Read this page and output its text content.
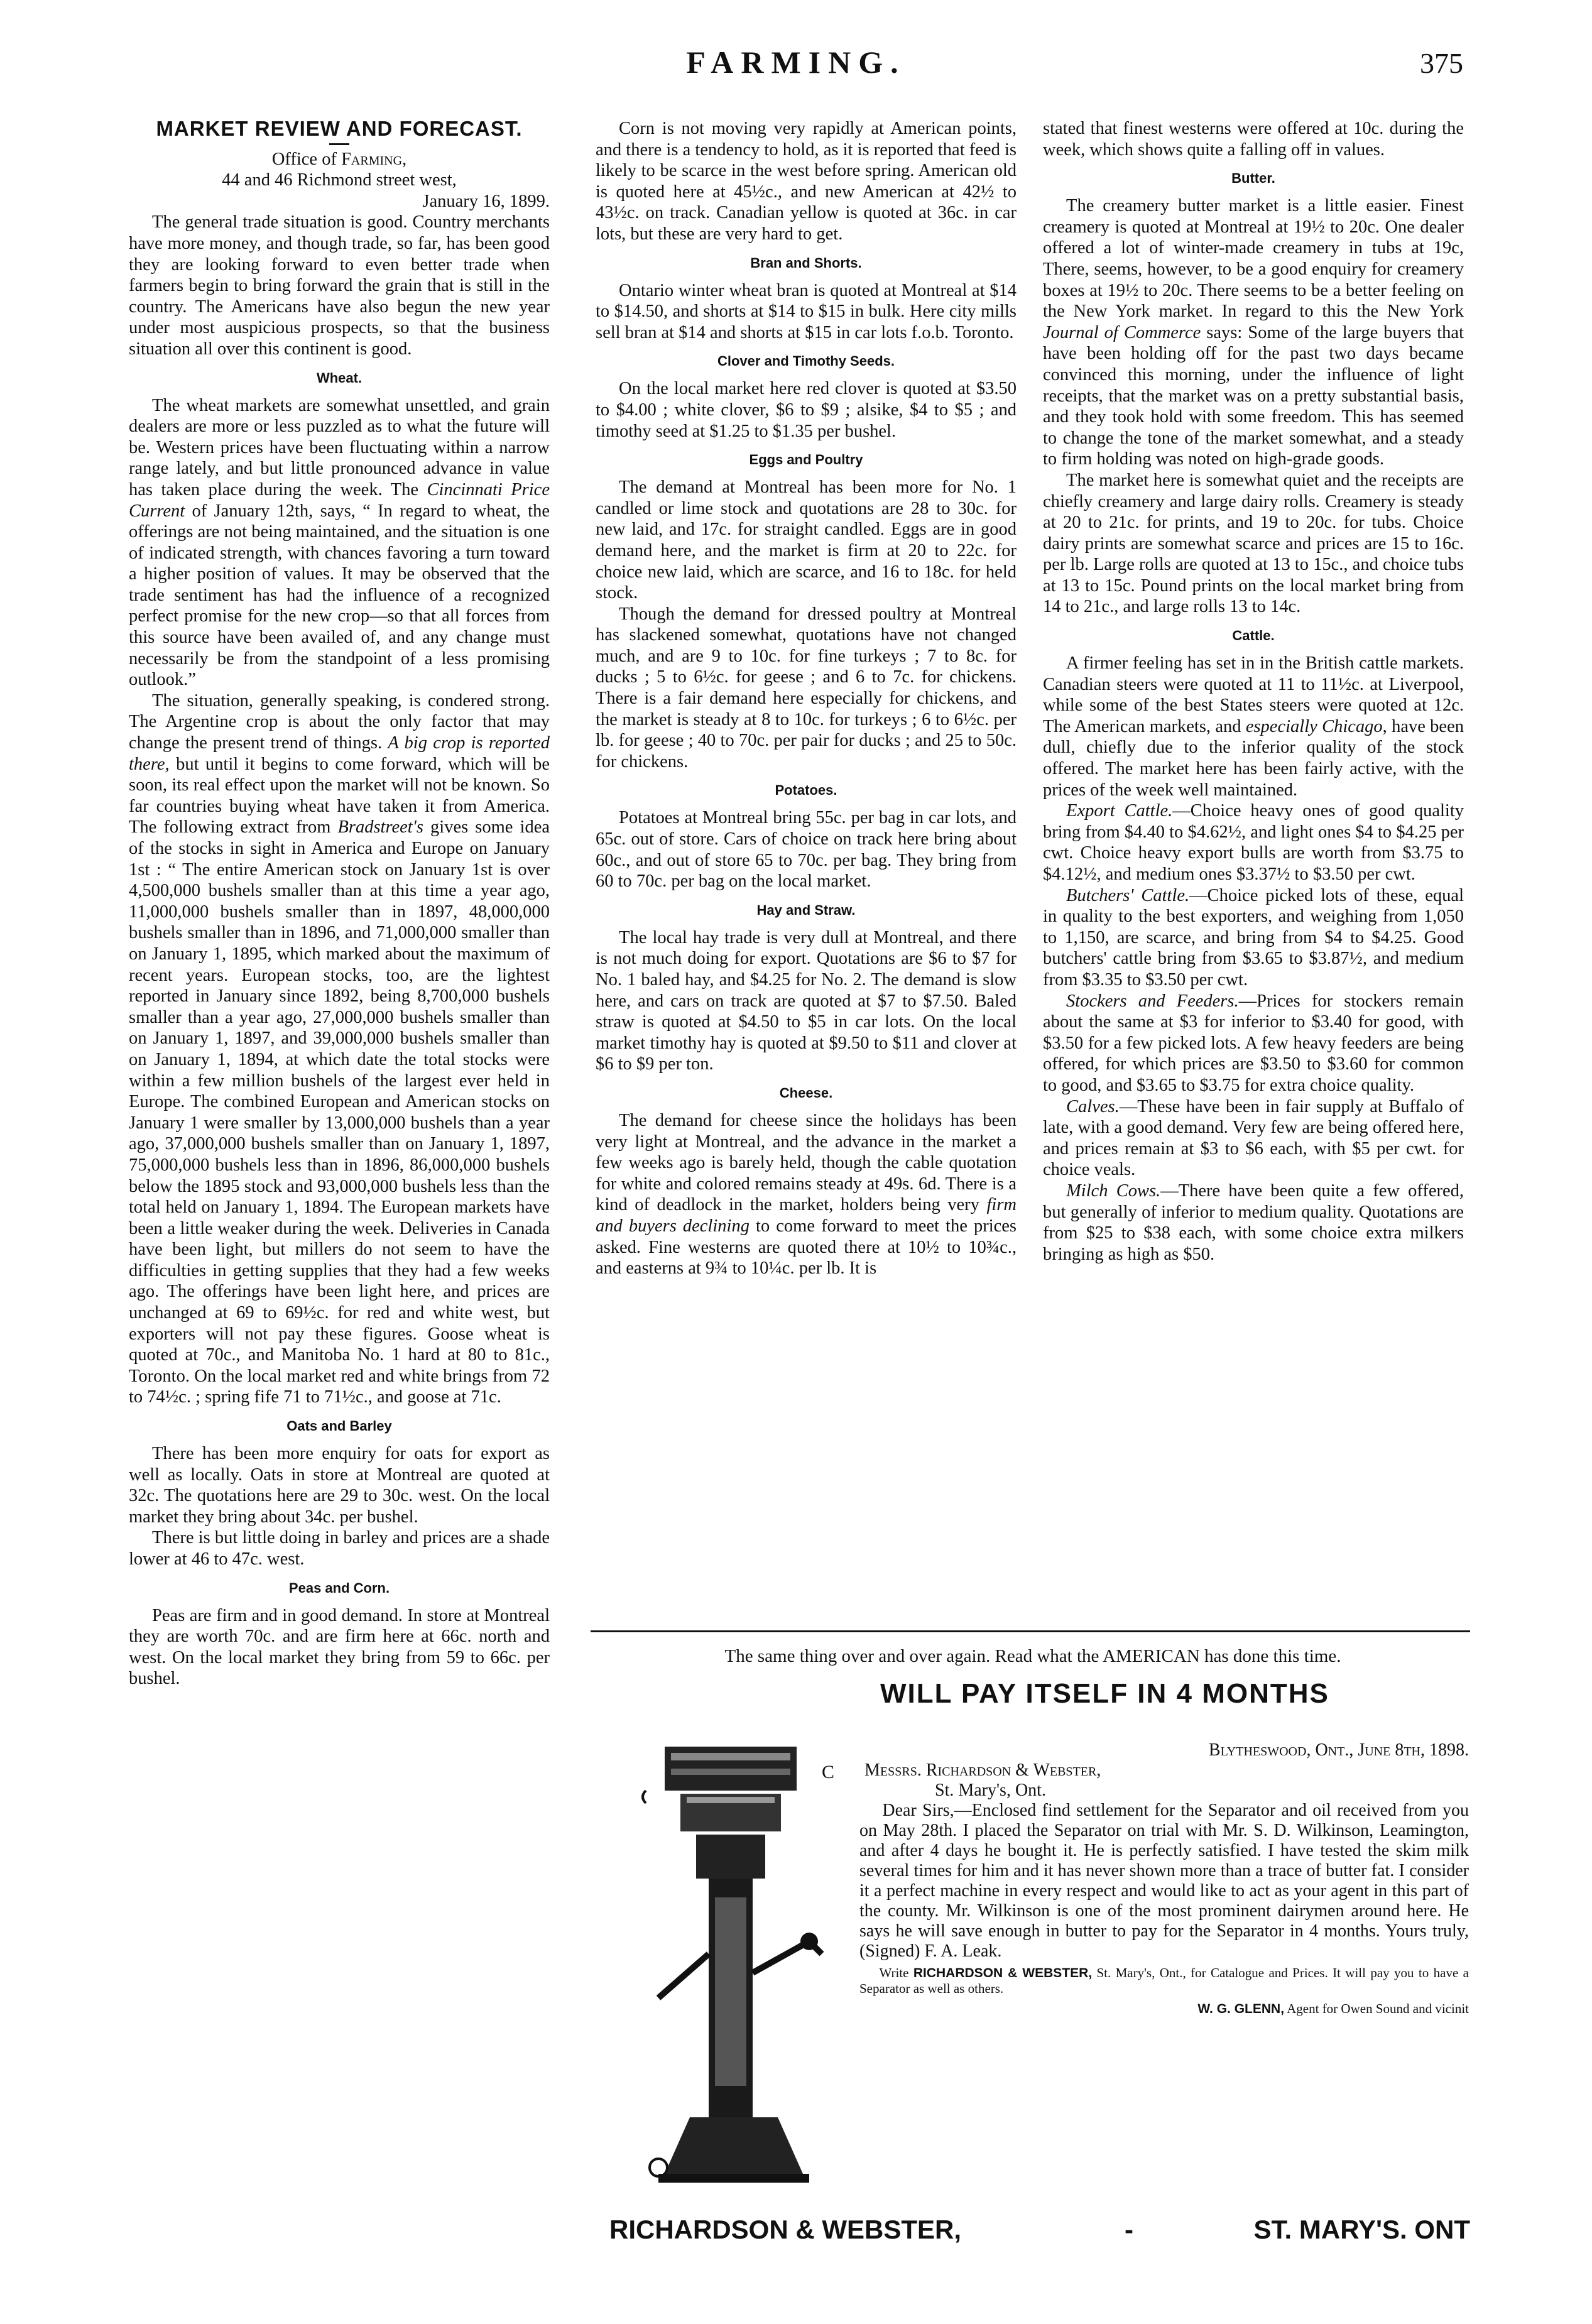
FARMING.	375
MARKET REVIEW AND FORECAST.

Office of Farming,

44 and 46 Richmond street west,

January 16, 1899.

The general trade situation is good. Country merchants have more money, and though trade, so far, has been good they are looking forward to even better trade when farmers begin to bring forward the grain that is still in the country. The Americans have also begun the new year under most auspicious prospects, so that the business situation all over this continent is good.

Wheat.

The wheat markets are somewhat unsettled, and grain dealers are more or less puzzled as to what the future will be. Western prices have been fluctuating within a narrow range lately, and but little pronounced advance in value has taken place during the week. The Cincinnati Price Current of January 12th, says, “ In regard to wheat, the offerings are not being maintained, and the situation is one of indicated strength, with chances favoring a turn toward a higher position of values. It may be observed that the trade sentiment has had the influence of a recognized perfect promise for the new crop—so that all forces from this source have been availed of, and any change must necessarily be from the standpoint of a less promising outlook.”

The situation, generally speaking, is condered strong. The Argentine crop is about the only factor that may change the present trend of things. A big crop is reported there, but until it begins to come forward, which will be soon, its real effect upon the market will not be known. So far countries buying wheat have taken it from America. The following extract from Bradstreet's gives some idea of the stocks in sight in America and Europe on January 1st : “ The entire American stock on January 1st is over 4,500,000 bushels smaller than at this time a year ago, 11,000,000 bushels smaller than in 1897, 48,000,000 bushels smaller than in 1896, and 71,000,000 smaller than on January 1, 1895, which marked about the maximum of recent years. European stocks, too, are the lightest reported in January since 1892, being 8,700,000 bushels smaller than a year ago, 27,000,000 bushels smaller than on January 1, 1897, and 39,000,000 bushels smaller than on January 1, 1894, at which date the total stocks were within a few million bushels of the largest ever held in Europe. The combined European and American stocks on January 1 were smaller by 13,000,000 bushels than a year ago, 37,000,000 bushels smaller than on January 1, 1897, 75,000,000 bushels less than in 1896, 86,000,000 bushels below the 1895 stock and 93,000,000 bushels less than the total held on January 1, 1894. The European markets have been a little weaker during the week. Deliveries in Canada have been light, but millers do not seem to have the difficulties in getting supplies that they had a few weeks ago. The offerings have been light here, and prices are unchanged at 69 to 69½c. for red and white west, but exporters will not pay these figures. Goose wheat is quoted at 70c., and Manitoba No. 1 hard at 80 to 81c., Toronto. On the local market red and white brings from 72 to 74½c. ; spring fife 71 to 71½c., and goose at 71c.

Oats and Barley

There has been more enquiry for oats for export as well as locally. Oats in store at Montreal are quoted at 32c. The quotations here are 29 to 30c. west. On the local market they bring about 34c. per bushel.

There is but little doing in barley and prices are a shade lower at 46 to 47c. west.

Peas and Corn.

Peas are firm and in good demand. In store at Montreal they are worth 70c. and are firm here at 66c. north and west. On the local market they bring from 59 to 66c. per bushel.

Corn is not moving very rapidly at American points, and there is a tendency to hold, as it is reported that feed is likely to be scarce in the west before spring. American old is quoted here at 45½c., and new American at 42½ to 43½c. on track. Canadian yellow is quoted at 36c. in car lots, but these are very hard to get.

Bran and Shorts.

Ontario winter wheat bran is quoted at Montreal at $14 to $14.50, and shorts at $14 to $15 in bulk. Here city mills sell bran at $14 and shorts at $15 in car lots f.o.b. Toronto.

Clover and Timothy Seeds.

On the local market here red clover is quoted at $3.50 to $4.00 ; white clover, $6 to $9 ; alsike, $4 to $5 ; and timothy seed at $1.25 to $1.35 per bushel.

Eggs and Poultry

The demand at Montreal has been more for No. 1 candled or lime stock and quotations are 28 to 30c. for new laid, and 17c. for straight candled. Eggs are in good demand here, and the market is firm at 20 to 22c. for choice new laid, which are scarce, and 16 to 18c. for held stock.

Though the demand for dressed poultry at Montreal has slackened somewhat, quotations have not changed much, and are 9 to 10c. for fine turkeys ; 7 to 8c. for ducks ; 5 to 6½c. for geese ; and 6 to 7c. for chickens. There is a fair demand here especially for chickens, and the market is steady at 8 to 10c. for turkeys ; 6 to 6½c. per lb. for geese ; 40 to 70c. per pair for ducks ; and 25 to 50c. for chickens.

Potatoes.

Potatoes at Montreal bring 55c. per bag in car lots, and 65c. out of store. Cars of choice on track here bring about 60c., and out of store 65 to 70c. per bag. They bring from 60 to 70c. per bag on the local market.

Hay and Straw.

The local hay trade is very dull at Montreal, and there is not much doing for export. Quotations are $6 to $7 for No. 1 baled hay, and $4.25 for No. 2. The demand is slow here, and cars on track are quoted at $7 to $7.50. Baled straw is quoted at $4.50 to $5 in car lots. On the local market timothy hay is quoted at $9.50 to $11 and clover at $6 to $9 per ton.

Cheese.

The demand for cheese since the holidays has been very light at Montreal, and the advance in the market a few weeks ago is barely held, though the cable quotation for white and colored remains steady at 49s. 6d. There is a kind of deadlock in the market, holders being very firm and buyers declining to come forward to meet the prices asked. Fine westerns are quoted there at 10½ to 10¾c., and easterns at 9¾ to 10¼c. per lb. It is

stated that finest westerns were offered at 10c. during the week, which shows quite a falling off in values.

Butter.

The creamery butter market is a little easier. Finest creamery is quoted at Montreal at 19½ to 20c. One dealer offered a lot of winter-made creamery in tubs at 19c, There, seems, however, to be a good enquiry for creamery boxes at 19½ to 20c. There seems to be a better feeling on the New York market. In regard to this the New York Journal of Commerce says: Some of the large buyers that have been holding off for the past two days became convinced this morning, under the influence of light receipts, that the market was on a pretty substantial basis, and they took hold with some freedom. This has seemed to change the tone of the market somewhat, and a steady to firm holding was noted on high-grade goods.

The market here is somewhat quiet and the receipts are chiefly creamery and large dairy rolls. Creamery is steady at 20 to 21c. for prints, and 19 to 20c. for tubs. Choice dairy prints are somewhat scarce and prices are 15 to 16c. per lb. Large rolls are quoted at 13 to 15c., and choice tubs at 13 to 15c. Pound prints on the local market bring from 14 to 21c., and large rolls 13 to 14c.

Cattle.

A firmer feeling has set in in the British cattle markets. Canadian steers were quoted at 11 to 11½c. at Liverpool, while some of the best States steers were quoted at 12c. The American markets, and especially Chicago, have been dull, chiefly due to the inferior quality of the stock offered. The market here has been fairly active, with the prices of the week well maintained.

Export Cattle.—Choice heavy ones of good quality bring from $4.40 to $4.62½, and light ones $4 to $4.25 per cwt. Choice heavy export bulls are worth from $3.75 to $4.12½, and medium ones $3.37½ to $3.50 per cwt.

Butchers' Cattle.—Choice picked lots of these, equal in quality to the best exporters, and weighing from 1,050 to 1,150, are scarce, and bring from $4 to $4.25. Good butchers' cattle bring from $3.65 to $3.87½, and medium from $3.35 to $3.50 per cwt.

Stockers and Feeders.—Prices for stockers remain about the same at $3 for inferior to $3.40 for good, with $3.50 for a few picked lots. A few heavy feeders are being offered, for which prices are $3.50 to $3.60 for common to good, and $3.65 to $3.75 for extra choice quality.

Calves.—These have been in fair supply at Buffalo of late, with a good demand. Very few are being offered here, and prices remain at $3 to $6 each, with $5 per cwt. for choice veals.

Milch Cows.—There have been quite a few offered, but generally of inferior to medium quality. Quotations are from $25 to $38 each, with some choice extra milkers bringing as high as $50.

The same thing over and over again. Read what the AMERICAN has done this time.

WILL PAY ITSELF IN 4 MONTHS
C

Blytheswood, Ont., June 8th, 1898.

Messrs. Richardson & Webster,

St. Mary's, Ont.

Dear Sirs,—Enclosed find settlement for the Separator and oil received from you on May 28th. I placed the Separator on trial with Mr. S. D. Wilkinson, Leamington, and after 4 days he bought it. He is perfectly satisfied. I have tested the skim milk several times for him and it has never shown more than a trace of butter fat. I consider it a perfect machine in every respect and would like to act as your agent in this part of the county. Mr. Wilkinson is one of the most prominent dairymen around here. He says he will save enough in butter to pay for the Separator in 4 months. Yours truly, (Signed) F. A. Leak.

Write RICHARDSON & WEBSTER, St. Mary's, Ont., for Catalogue and Prices. It will pay you to have a Separator as well as others.

W. G. GLENN, Agent for Owen Sound and vicinit

RICHARDSON & WEBSTER,	-	ST. MARY'S. ONT
